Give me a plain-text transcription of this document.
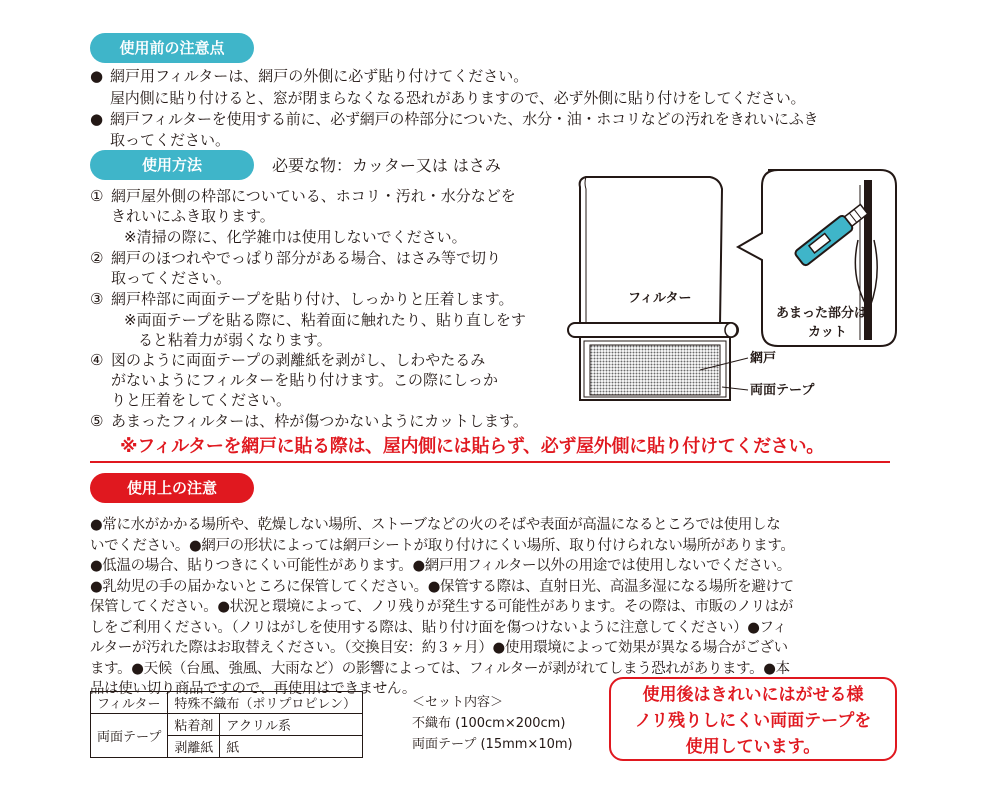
使用前の注意点
● 網戸用フィルターは、網戸の外側に必ず貼り付けてください。
屋内側に貼り付けると、窓が閉まらなくなる恐れがありますので、必ず外側に貼り付けをしてください。
● 網戸フィルターを使用する前に、必ず網戸の枠部分についた、水分・油・ホコリなどの汚れをきれいにふき
取ってください。
使用方法	必要な物：カッター又は はさみ
① 網戸屋外側の枠部についている、ホコリ・汚れ・水分などを
きれいにふき取ります。
※清掃の際に、化学雑巾は使用しないでください。
② 網戸のほつれやでっぱり部分がある場合、はさみ等で切り
取ってください。
③ 網戸枠部に両面テープを貼り付け、しっかりと圧着します。
※両面テープを貼る際に、粘着面に触れたり、貼り直しをす
ると粘着力が弱くなります。
④ 図のように両面テープの剥離紙を剥がし、しわやたるみ
がないようにフィルターを貼り付けます。この際にしっか
りと圧着をしてください。
⑤ あまったフィルターは、枠が傷つかないようにカットします。
※フィルターを網戸に貼る際は、屋内側には貼らず、必ず屋外側に貼り付けてください。
フィルター
あまった部分は
カット
網戸
両面テープ
使用上の注意
●常に水がかかる場所や、乾燥しない場所、ストーブなどの火のそばや表面が高温になるところでは使用しな
いでください。●網戸の形状によっては網戸シートが取り付けにくい場所、取り付けられない場所があります。
●低温の場合、貼りつきにくい可能性があります。●網戸用フィルター以外の用途では使用しないでください。
●乳幼児の手の届かないところに保管してください。●保管する際は、直射日光、高温多湿になる場所を避けて
保管してください。●状況と環境によって、ノリ残りが発生する可能性があります。その際は、市販のノリはが
しをご利用ください。（ノリはがしを使用する際は、貼り付け面を傷つけないように注意してください）●フィ
ルターが汚れた際はお取替えください。（交換目安：約３ヶ月）●使用環境によって効果が異なる場合がござい
ます。●天候（台風、強風、大雨など）の影響によっては、フィルターが剥がれてしまう恐れがあります。●本
品は使い切り商品ですので、再使用はできません。
フィルター	特殊不織布（ポリプロピレン）	
両面テープ	粘着剤	アクリル系
	剥離紙	紙
＜セット内容＞
不織布 (100cm×200cm)
両面テープ (15mm×10m)
使用後はきれいにはがせる様
ノリ残りしにくい両面テープを
使用しています。
